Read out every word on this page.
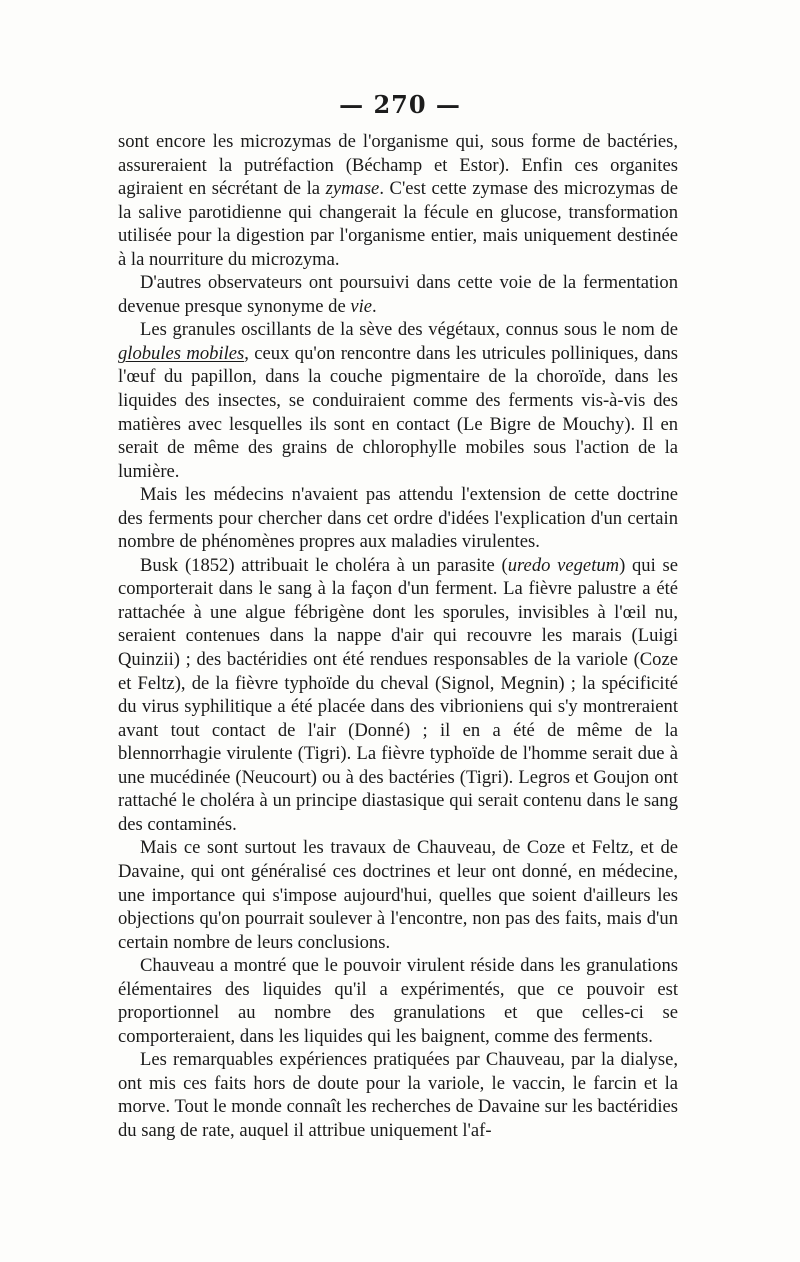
— 270 —

sont encore les microzymas de l'organisme qui, sous forme de bactéries, assureraient la putréfaction (Béchamp et Estor). Enfin ces organites agiraient en sécrétant de la zymase. C'est cette zymase des microzymas de la salive parotidienne qui changerait la fécule en glucose, transformation utilisée pour la digestion par l'organisme entier, mais uniquement destinée à la nourriture du microzyma.

D'autres observateurs ont poursuivi dans cette voie de la fermentation devenue presque synonyme de vie.

Les granules oscillants de la sève des végétaux, connus sous le nom de globules mobiles, ceux qu'on rencontre dans les utricules polliniques, dans l'œuf du papillon, dans la couche pigmentaire de la choroïde, dans les liquides des insectes, se conduiraient comme des ferments vis-à-vis des matières avec lesquelles ils sont en contact (Le Bigre de Mouchy). Il en serait de même des grains de chlorophylle mobiles sous l'action de la lumière.

Mais les médecins n'avaient pas attendu l'extension de cette doctrine des ferments pour chercher dans cet ordre d'idées l'explication d'un certain nombre de phénomènes propres aux maladies virulentes.

Busk (1852) attribuait le choléra à un parasite (uredo vegetum) qui se comporterait dans le sang à la façon d'un ferment. La fièvre palustre a été rattachée à une algue fébrigène dont les sporules, invisibles à l'œil nu, seraient contenues dans la nappe d'air qui recouvre les marais (Luigi Quinzii) ; des bactéridies ont été rendues responsables de la variole (Coze et Feltz), de la fièvre typhoïde du cheval (Signol, Megnin) ; la spécificité du virus syphilitique a été placée dans des vibrioniens qui s'y montreraient avant tout contact de l'air (Donné) ; il en a été de même de la blennorrhagie virulente (Tigri). La fièvre typhoïde de l'homme serait due à une mucédinée (Neucourt) ou à des bactéries (Tigri). Legros et Goujon ont rattaché le choléra à un principe diastasique qui serait contenu dans le sang des contaminés.

Mais ce sont surtout les travaux de Chauveau, de Coze et Feltz, et de Davaine, qui ont généralisé ces doctrines et leur ont donné, en médecine, une importance qui s'impose aujourd'hui, quelles que soient d'ailleurs les objections qu'on pourrait soulever à l'encontre, non pas des faits, mais d'un certain nombre de leurs conclusions.

Chauveau a montré que le pouvoir virulent réside dans les granulations élémentaires des liquides qu'il a expérimentés, que ce pouvoir est proportionnel au nombre des granulations et que celles-ci se comporteraient, dans les liquides qui les baignent, comme des ferments.

Les remarquables expériences pratiquées par Chauveau, par la dialyse, ont mis ces faits hors de doute pour la variole, le vaccin, le farcin et la morve. Tout le monde connaît les recherches de Davaine sur les bactéridies du sang de rate, auquel il attribue uniquement l'af-
